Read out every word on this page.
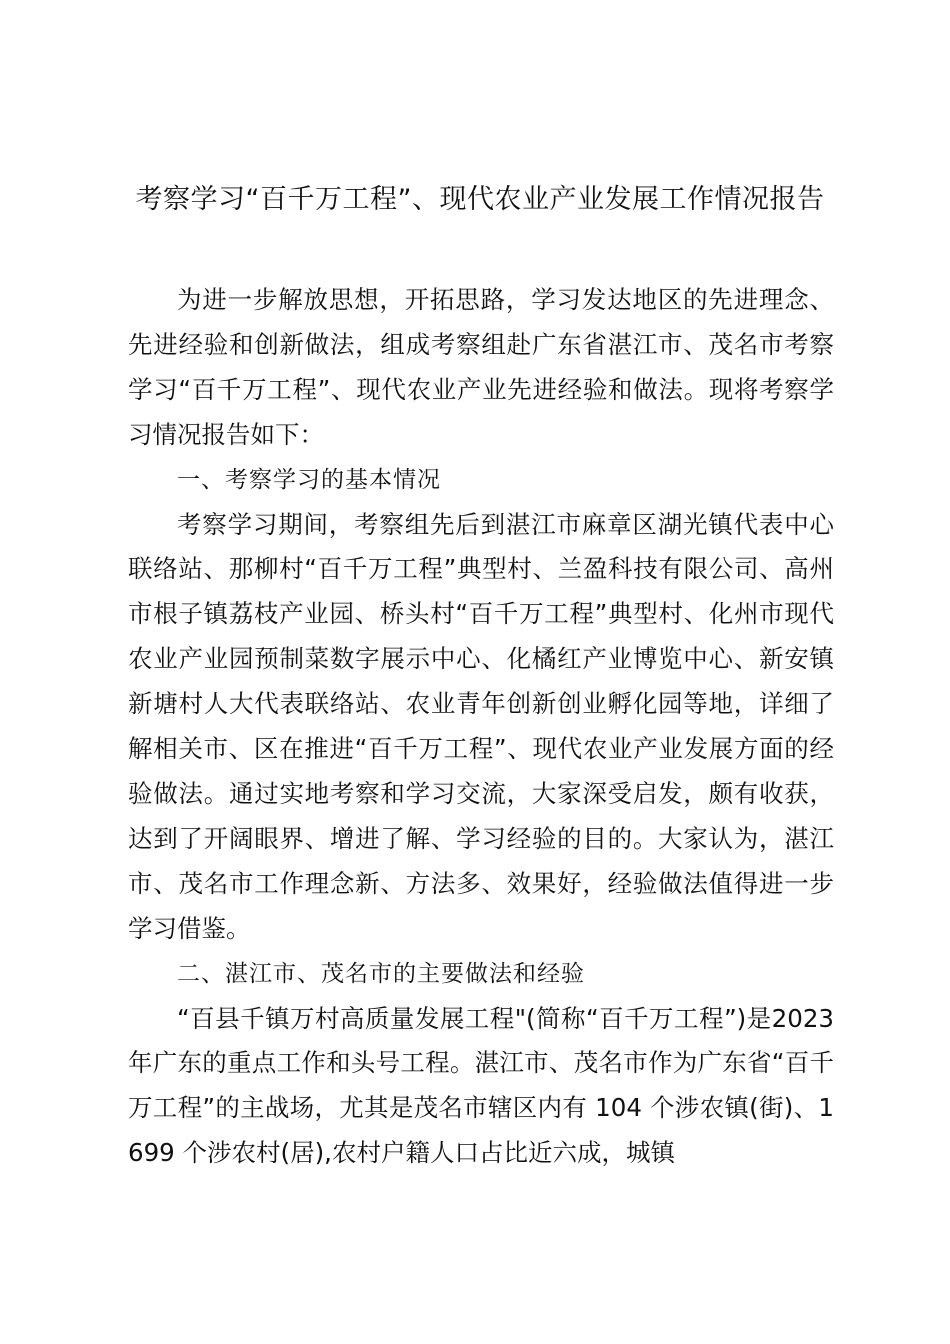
考察学习“百千万工程”、现代农业产业发展工作情况报告

为进一步解放思想，开拓思路，学习发达地区的先进理念、先进经验和创新做法，组成考察组赴广东省湛江市、茂名市考察学习“百千万工程”、现代农业产业先进经验和做法。现将考察学习情况报告如下：

一、考察学习的基本情况

考察学习期间，考察组先后到湛江市麻章区湖光镇代表中心联络站、那柳村“百千万工程”典型村、兰盈科技有限公司、高州市根子镇荔枝产业园、桥头村“百千万工程”典型村、化州市现代农业产业园预制菜数字展示中心、化橘红产业博览中心、新安镇新塘村人大代表联络站、农业青年创新创业孵化园等地，详细了解相关市、区在推进“百千万工程”、现代农业产业发展方面的经验做法。通过实地考察和学习交流，大家深受启发，颇有收获，达到了开阔眼界、增进了解、学习经验的目的。大家认为，湛江市、茂名市工作理念新、方法多、效果好，经验做法值得进一步学习借鉴。

二、湛江市、茂名市的主要做法和经验

“百县千镇万村高质量发展工程"(简称“百千万工程”)是2023 年广东的重点工作和头号工程。湛江市、茂名市作为广东省“百千万工程”的主战场，尤其是茂名市辖区内有 104 个涉农镇(街)、1699 个涉农村(居),农村户籍人口占比近六成，城镇
